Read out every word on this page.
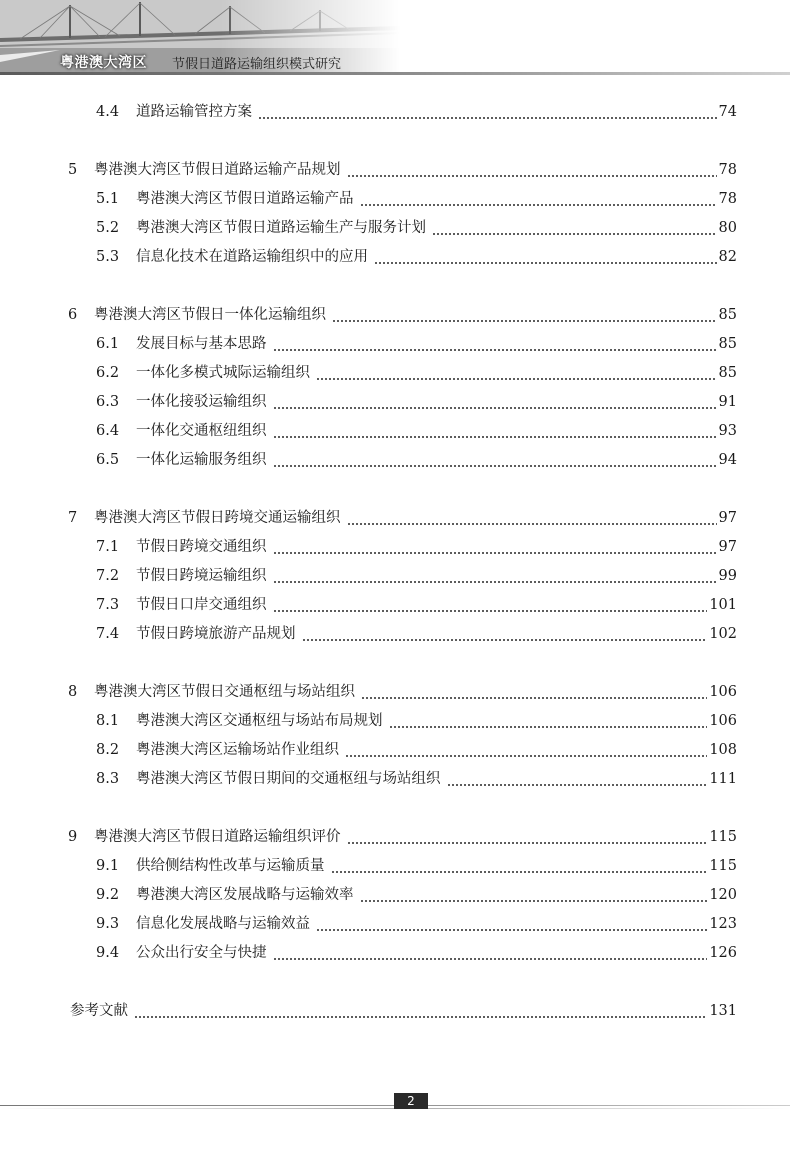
粤港澳大湾区 节假日道路运输组织模式研究
4.4	道路运输管控方案	74
5	粤港澳大湾区节假日道路运输产品规划	78
5.1	粤港澳大湾区节假日道路运输产品	78
5.2	粤港澳大湾区节假日道路运输生产与服务计划	80
5.3	信息化技术在道路运输组织中的应用	82
6	粤港澳大湾区节假日一体化运输组织	85
6.1	发展目标与基本思路	85
6.2	一体化多模式城际运输组织	85
6.3	一体化接驳运输组织	91
6.4	一体化交通枢纽组织	93
6.5	一体化运输服务组织	94
7	粤港澳大湾区节假日跨境交通运输组织	97
7.1	节假日跨境交通组织	97
7.2	节假日跨境运输组织	99
7.3	节假日口岸交通组织	101
7.4	节假日跨境旅游产品规划	102
8	粤港澳大湾区节假日交通枢纽与场站组织	106
8.1	粤港澳大湾区交通枢纽与场站布局规划	106
8.2	粤港澳大湾区运输场站作业组织	108
8.3	粤港澳大湾区节假日期间的交通枢纽与场站组织	111
9	粤港澳大湾区节假日道路运输组织评价	115
9.1	供给侧结构性改革与运输质量	115
9.2	粤港澳大湾区发展战略与运输效率	120
9.3	信息化发展战略与运输效益	123
9.4	公众出行安全与快捷	126
参考文献	131
2
